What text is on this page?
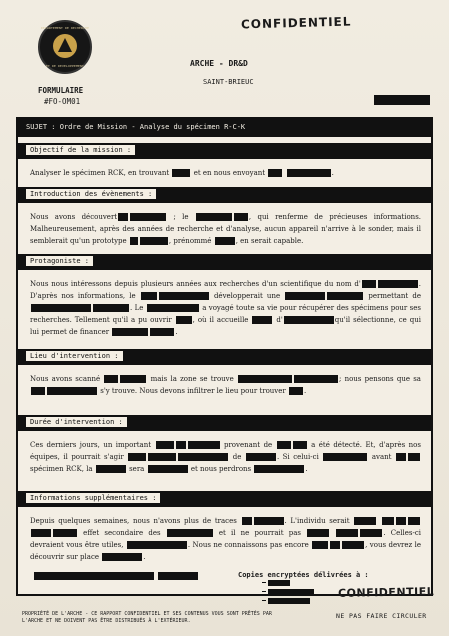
DEPARTEMENT DE RECHERCHE
ET DE DEVELOPPEMENT
FORMULAIRE
#FO-OM01
CONFIDENTIEL
ARCHE - DR&D
SAINT-BRIEUC
SUJET : Ordre de Mission - Analyse du spécimen R-C-K
Objectif de la mission :
Analyser le spécimen RCK, en trouvant	et en nous envoyant	.
Introduction des évènements :
Nous avons découvert	; le	, qui renferme de précieuses informations. Malheureusement, après des années de recherche et d'analyse, aucun appareil n'arrive à le sonder, mais il semblerait qu'un prototype	, prénommé	, en serait capable.
Protagoniste :
Nous nous intéressons depuis plusieurs années aux recherches d'un scientifique du nom d'	. D'après nos informations, le	développerait une	permettant de . Le	a voyagé toute sa vie pour récupérer des spécimens pour ses recherches. Tellement qu'il a pu ouvrir	, où il accueille	d'	qu'il sélectionne, ce qui lui permet de financer	.
Lieu d'intervention :
Nous avons scanné	mais la zone se trouve	; nous pensons que sa  s'y trouve. Nous devons infiltrer le lieu pour trouver	.
Durée d'intervention :
Ces derniers jours, un important	provenant de	a été détecté. Et, d'après nos équipes, il pourrait s'agir	de	. Si celui-ci	avant  spécimen RCK, la	sera	et nous perdrons	.
Informations supplémentaires :
Depuis quelques semaines, nous n'avons plus de traces	. L'individu serait   effet secondaire des	et il ne pourrait pas	. Celles-ci devraient vous être utiles,	. Nous ne connaissons pas encore	, vous devrez le découvrir sur place	.
Copies encryptées délivrées à :
CONFIDENTIEL
PROPRIÉTÉ DE L'ARCHE - CE RAPPORT CONFIDENTIEL ET SES CONTENUS VOUS SONT PRÊTÉS PAR L'ARCHE ET NE DOIVENT PAS ÊTRE DISTRIBUÉS À L'EXTÉRIEUR.
NE PAS FAIRE CIRCULER
